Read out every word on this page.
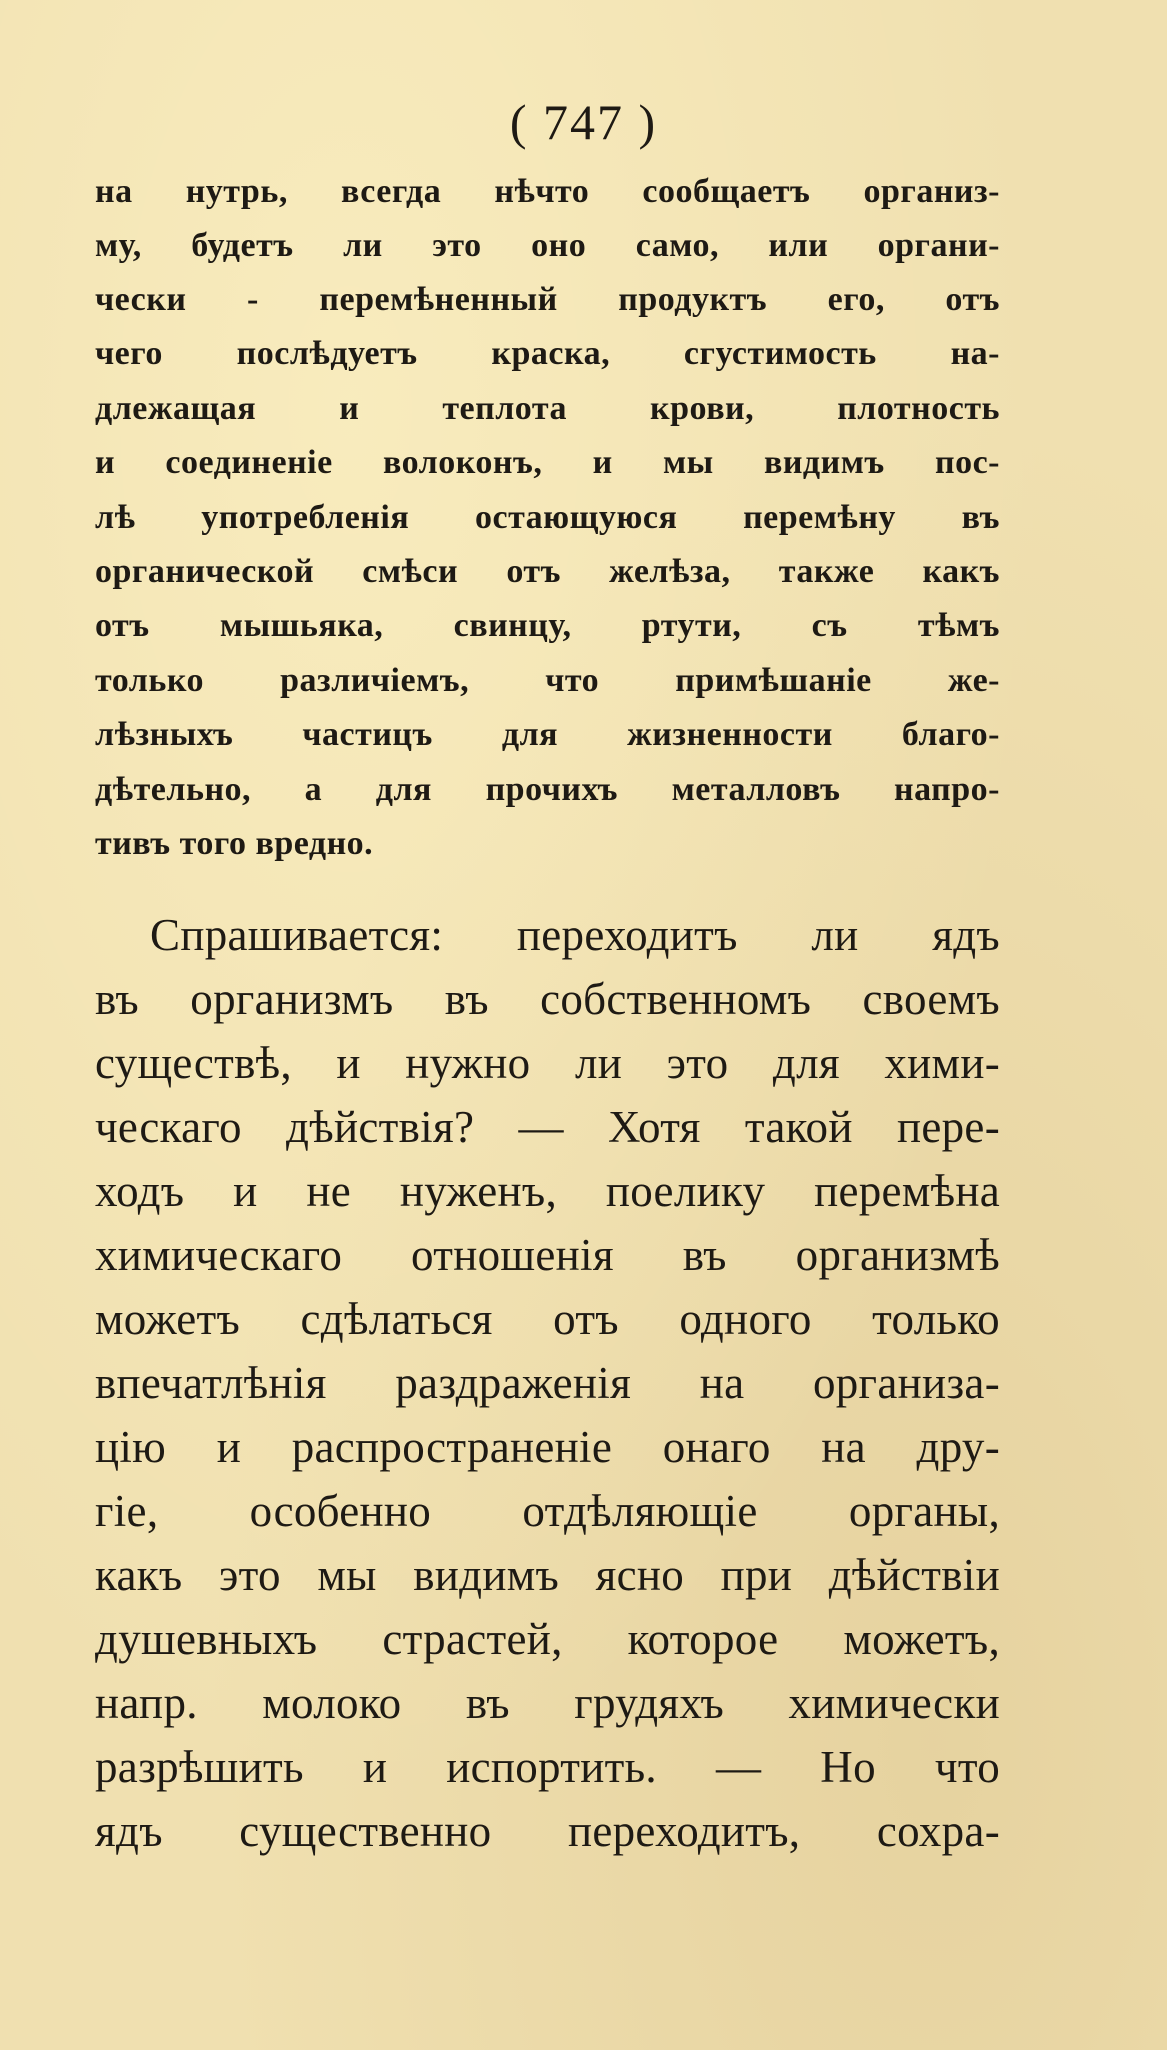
( 747 )
на нутрь, всегда нѣчто сообщаетъ организ-
му, будетъ ли это оно само, или органи-
чески - перемѣненный продуктъ его, отъ
чего послѣдуетъ краска, сгустимость на-
длежащая и теплота крови, плотность
и соединенiе волоконъ, и мы видимъ пос-
лѣ употребленiя остающуюся перемѣну въ
органической смѣси отъ желѣза, также какъ
отъ мышьяка, свинцу, ртути, съ тѣмъ
только различiемъ, что примѣшанiе же-
лѣзныхъ частицъ для жизненности благо-
дѣтельно, а для прочихъ металловъ напро-
тивъ того вредно.
Спрашивается: переходитъ ли ядъ
въ организмъ въ собственномъ своемъ
существѣ, и нужно ли это для хими-
ческаго дѣйствiя? — Хотя такой пере-
ходъ и не нуженъ, поелику перемѣна
химическаго отношенiя въ организмѣ
можетъ сдѣлаться отъ одного только
впечатлѣнiя раздраженiя на организа-
цiю и распространенiе онаго на дру-
гiе, особенно отдѣляющiе органы,
какъ это мы видимъ ясно при дѣйствiи
душевныхъ страстей, которое можетъ,
напр. молоко въ грудяхъ химически
разрѣшить и испортить. — Но что
ядъ существенно переходитъ, сохра-
